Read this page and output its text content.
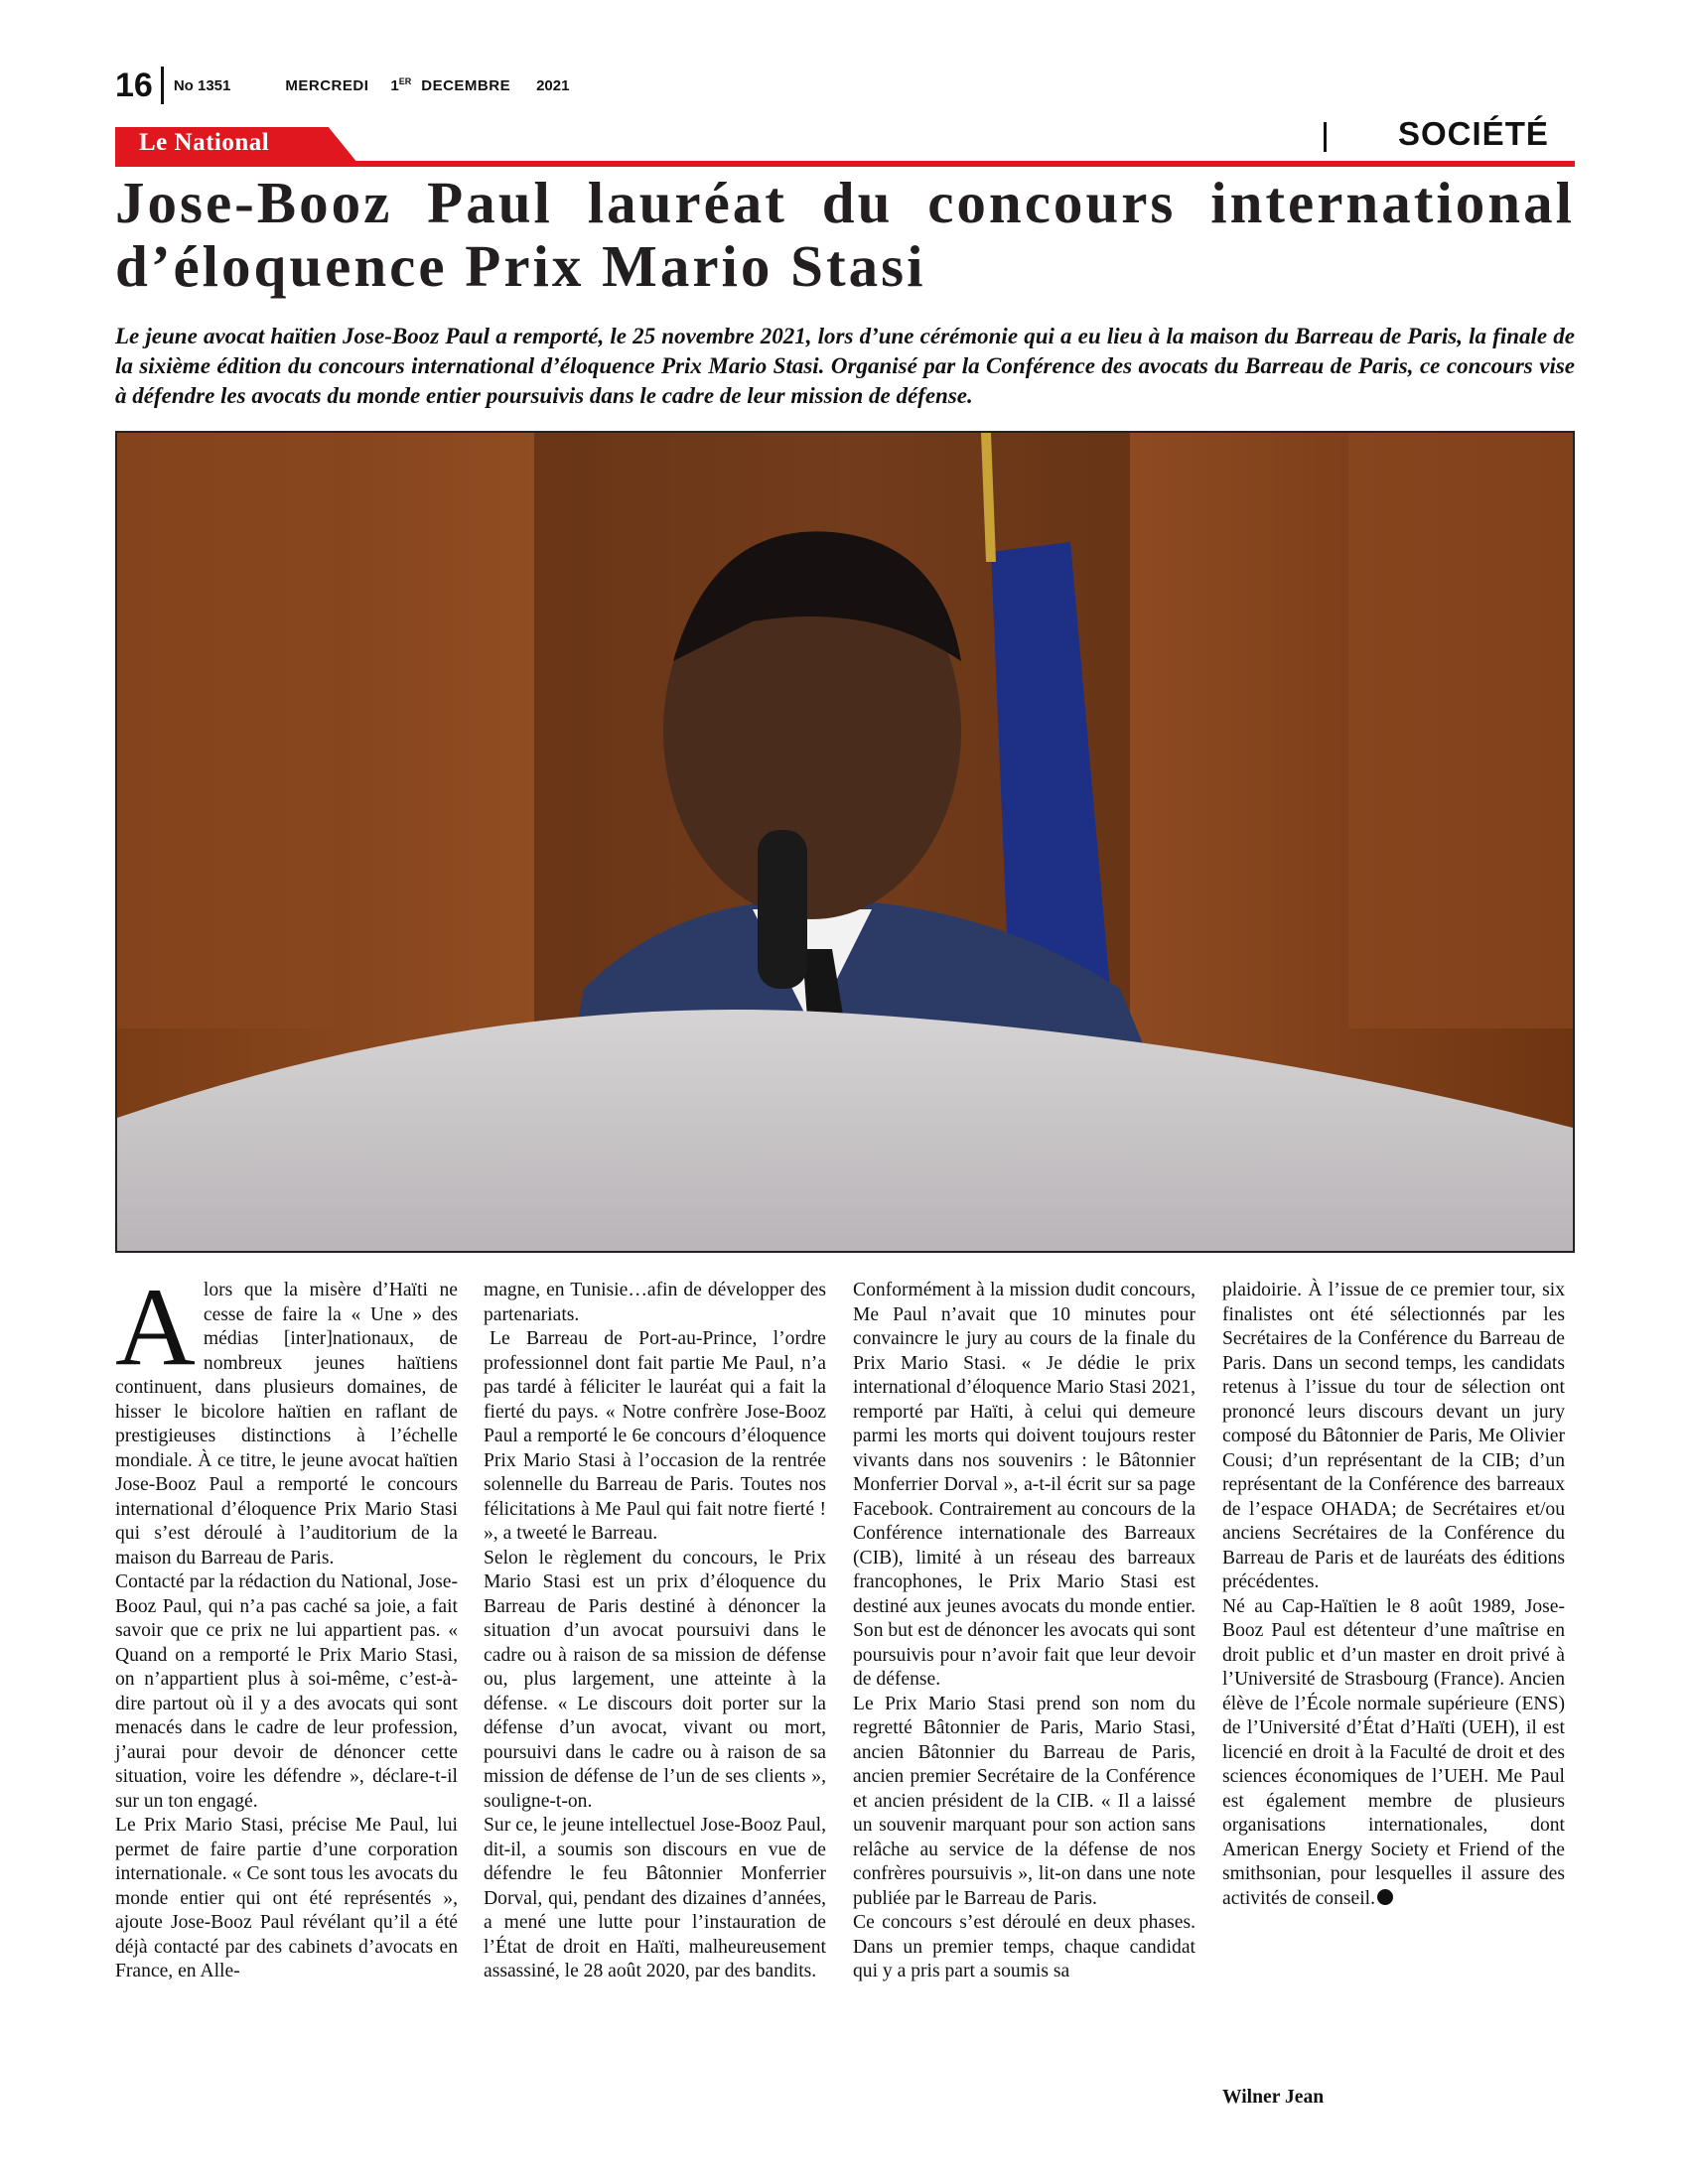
16 No 1351	MERCREDI 1ER DECEMBRE 2021
Le National	SOCIÉTÉ
Jose-Booz Paul lauréat du concours international d’éloquence Prix Mario Stasi

Le jeune avocat haïtien Jose-Booz Paul a remporté, le 25 novembre 2021, lors d’une cérémonie qui a eu lieu à la maison du Barreau de Paris, la finale de la sixième édition du concours international d’éloquence Prix Mario Stasi. Organisé par la Conférence des avocats du Barreau de Paris, ce concours vise à défendre les avocats du monde entier poursuivis dans le cadre de leur mission de défense.

Alors que la misère d’Haïti ne cesse de faire la « Une » des médias [inter]nationaux, de nombreux jeunes haïtiens continuent, dans plusieurs domaines, de hisser le bicolore haïtien en raflant de prestigieuses distinctions à l’échelle mondiale. À ce titre, le jeune avocat haïtien Jose-Booz Paul a remporté le concours international d’éloquence Prix Mario Stasi qui s’est déroulé à l’auditorium de la maison du Barreau de Paris.

Contacté par la rédaction du National, Jose-Booz Paul, qui n’a pas caché sa joie, a fait savoir que ce prix ne lui appartient pas. « Quand on a remporté le Prix Mario Stasi, on n’appartient plus à soi-même, c’est-à-dire partout où il y a des avocats qui sont menacés dans le cadre de leur profession, j’aurai pour devoir de dénoncer cette situation, voire les défendre », déclare-t-il sur un ton engagé.

Le Prix Mario Stasi, précise Me Paul, lui permet de faire partie d’une corporation internationale. « Ce sont tous les avocats du monde entier qui ont été représentés », ajoute Jose-Booz Paul révélant qu’il a été déjà contacté par des cabinets d’avocats en France, en Alle-

magne, en Tunisie…afin de développer des partenariats.

Le Barreau de Port-au-Prince, l’ordre professionnel dont fait partie Me Paul, n’a pas tardé à féliciter le lauréat qui a fait la fierté du pays. « Notre confrère Jose-Booz Paul a remporté le 6e concours d’éloquence Prix Mario Stasi à l’occasion de la rentrée solennelle du Barreau de Paris. Toutes nos félicitations à Me Paul qui fait notre fierté ! », a tweeté le Barreau.

Selon le règlement du concours, le Prix Mario Stasi est un prix d’éloquence du Barreau de Paris destiné à dénoncer la situation d’un avocat poursuivi dans le cadre ou à raison de sa mission de défense ou, plus largement, une atteinte à la défense. « Le discours doit porter sur la défense d’un avocat, vivant ou mort, poursuivi dans le cadre ou à raison de sa mission de défense de l’un de ses clients », souligne-t-on.

Sur ce, le jeune intellectuel Jose-Booz Paul, dit-il, a soumis son discours en vue de défendre le feu Bâtonnier Monferrier Dorval, qui, pendant des dizaines d’années, a mené une lutte pour l’instauration de l’État de droit en Haïti, malheureusement assassiné, le 28 août 2020, par des bandits.

Conformément à la mission dudit concours, Me Paul n’avait que 10 minutes pour convaincre le jury au cours de la finale du Prix Mario Stasi. « Je dédie le prix international d’éloquence Mario Stasi 2021, remporté par Haïti, à celui qui demeure parmi les morts qui doivent toujours rester vivants dans nos souvenirs : le Bâtonnier Monferrier Dorval », a-t-il écrit sur sa page Facebook. Contrairement au concours de la Conférence internationale des Barreaux (CIB), limité à un réseau des barreaux francophones, le Prix Mario Stasi est destiné aux jeunes avocats du monde entier. Son but est de dénoncer les avocats qui sont poursuivis pour n’avoir fait que leur devoir de défense.

Le Prix Mario Stasi prend son nom du regretté Bâtonnier de Paris, Mario Stasi, ancien Bâtonnier du Barreau de Paris, ancien premier Secrétaire de la Conférence et ancien président de la CIB. « Il a laissé un souvenir marquant pour son action sans relâche au service de la défense de nos confrères poursuivis », lit-on dans une note publiée par le Barreau de Paris.

Ce concours s’est déroulé en deux phases. Dans un premier temps, chaque candidat qui y a pris part a soumis sa

plaidoirie. À l’issue de ce premier tour, six finalistes ont été sélectionnés par les Secrétaires de la Conférence du Barreau de Paris. Dans un second temps, les candidats retenus à l’issue du tour de sélection ont prononcé leurs discours devant un jury composé du Bâtonnier de Paris, Me Olivier Cousi; d’un représentant de la CIB; d’un représentant de la Conférence des barreaux de l’espace OHADA; de Secrétaires et/ou anciens Secrétaires de la Conférence du Barreau de Paris et de lauréats des éditions précédentes.

Né au Cap-Haïtien le 8 août 1989, Jose-Booz Paul est détenteur d’une maîtrise en droit public et d’un master en droit privé à l’Université de Strasbourg (France). Ancien élève de l’École normale supérieure (ENS) de l’Université d’État d’Haïti (UEH), il est licencié en droit à la Faculté de droit et des sciences économiques de l’UEH. Me Paul est également membre de plusieurs organisations internationales, dont American Energy Society et Friend of the smithsonian, pour lesquelles il assure des activités de conseil.

Wilner Jean
